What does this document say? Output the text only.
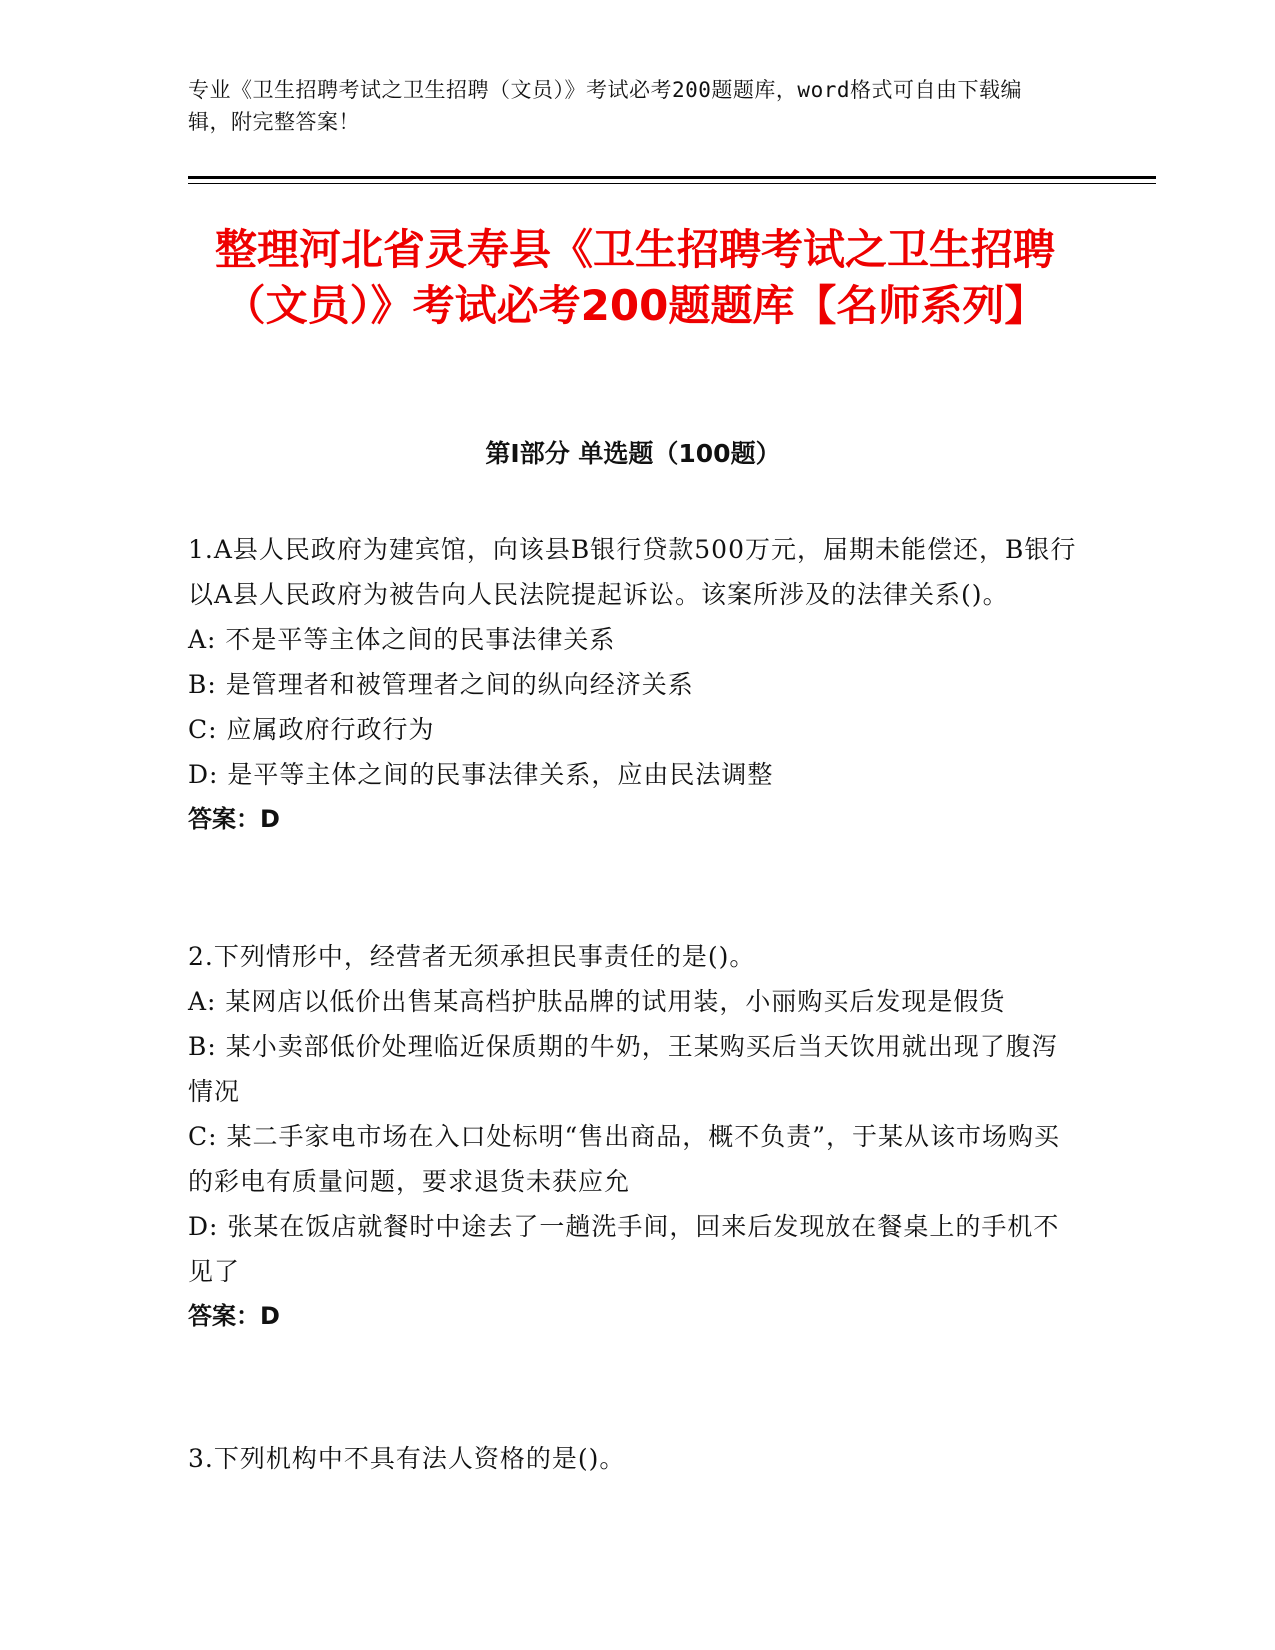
专业《卫生招聘考试之卫生招聘（文员）》考试必考200题题库，word格式可自由下载编辑，附完整答案！
整理河北省灵寿县《卫生招聘考试之卫生招聘（文员）》考试必考200题题库【名师系列】
第I部分 单选题（100题）
1.A县人民政府为建宾馆，向该县B银行贷款500万元，届期未能偿还，B银行以A县人民政府为被告向人民法院提起诉讼。该案所涉及的法律关系()。
A: 不是平等主体之间的民事法律关系
B: 是管理者和被管理者之间的纵向经济关系
C: 应属政府行政行为
D: 是平等主体之间的民事法律关系，应由民法调整
答案：D
2.下列情形中，经营者无须承担民事责任的是()。
A: 某网店以低价出售某高档护肤品牌的试用装，小丽购买后发现是假货
B: 某小卖部低价处理临近保质期的牛奶，王某购买后当天饮用就出现了腹泻情况
C: 某二手家电市场在入口处标明“售出商品，概不负责”，于某从该市场购买的彩电有质量问题，要求退货未获应允
D: 张某在饭店就餐时中途去了一趟洗手间，回来后发现放在餐桌上的手机不见了
答案：D
3.下列机构中不具有法人资格的是()。
